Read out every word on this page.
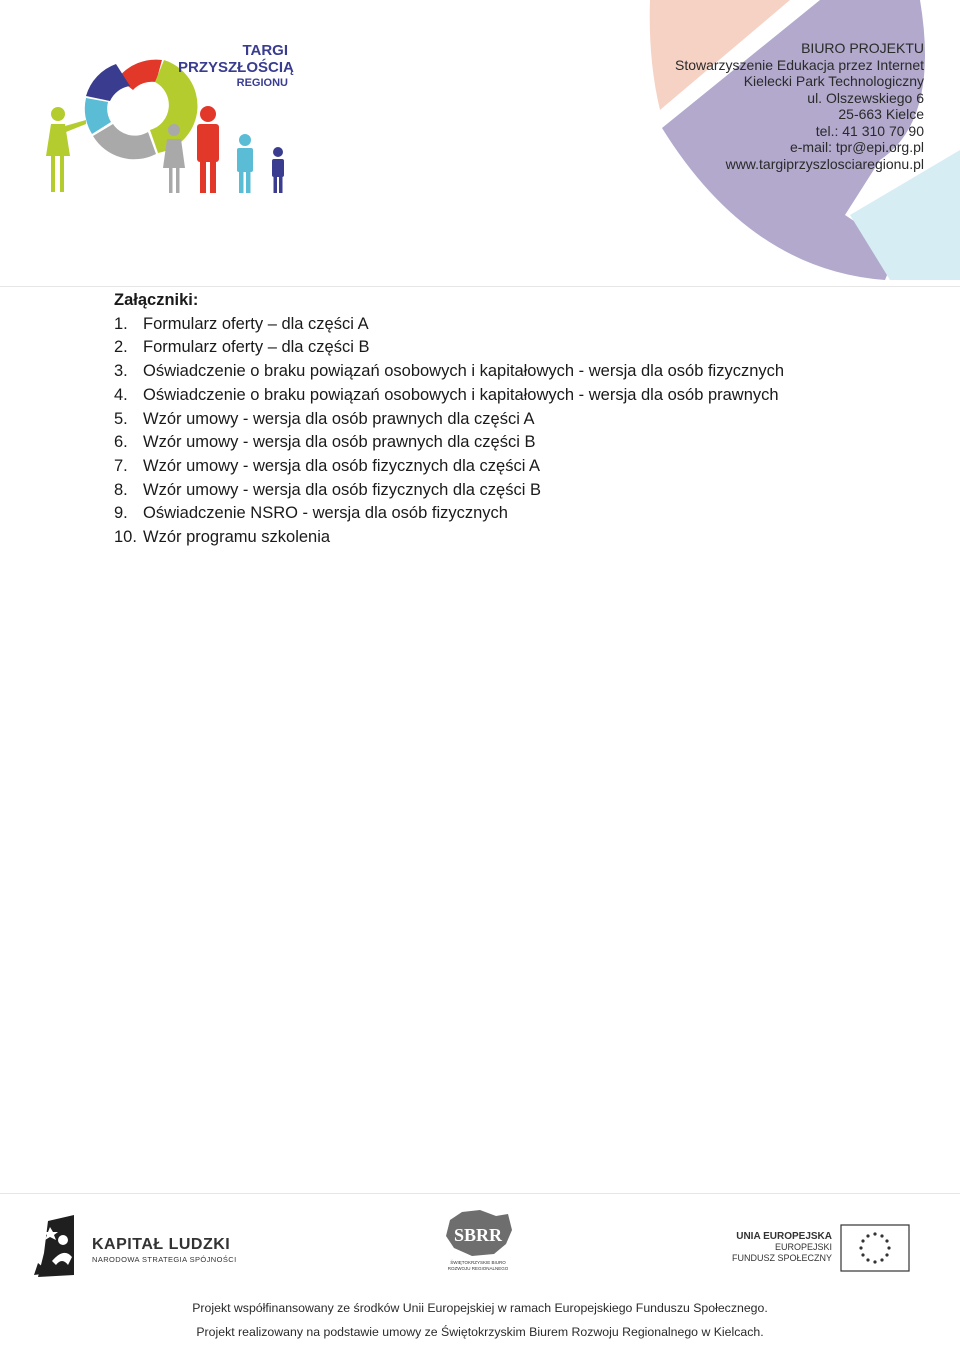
TARGI
PRZYSZŁOŚCIĄ
REGIONU
BIURO PROJEKTU
Stowarzyszenie Edukacja przez Internet
Kielecki Park Technologiczny
ul. Olszewskiego 6
25-663 Kielce
tel.: 41 310 70 90
e-mail: tpr@epi.org.pl
www.targiprzyszlosciaregionu.pl

Załączniki:

1. Formularz oferty – dla części A
2. Formularz oferty – dla części B
3. Oświadczenie o braku powiązań osobowych i kapitałowych - wersja dla osób fizycznych
4. Oświadczenie o braku powiązań osobowych i kapitałowych - wersja dla osób prawnych
5. Wzór umowy - wersja dla osób prawnych dla części A
6. Wzór umowy - wersja dla osób prawnych dla części B
7. Wzór umowy - wersja dla osób fizycznych dla części A
8. Wzór umowy - wersja dla osób fizycznych dla części B
9. Oświadczenie NSRO - wersja dla osób fizycznych
10. Wzór programu szkolenia
KAPITAŁ LUDZKI
NARODOWA STRATEGIA SPÓJNOŚCI
SBRR
ŚWIĘTOKRZYSKIE BIURO
ROZWOJU REGIONALNEGO
UNIA EUROPEJSKA
EUROPEJSKI
FUNDUSZ SPOŁECZNY
Projekt współfinansowany ze środków Unii Europejskiej w ramach Europejskiego Funduszu Społecznego.
Projekt realizowany na podstawie umowy ze Świętokrzyskim Biurem Rozwoju Regionalnego w Kielcach.
